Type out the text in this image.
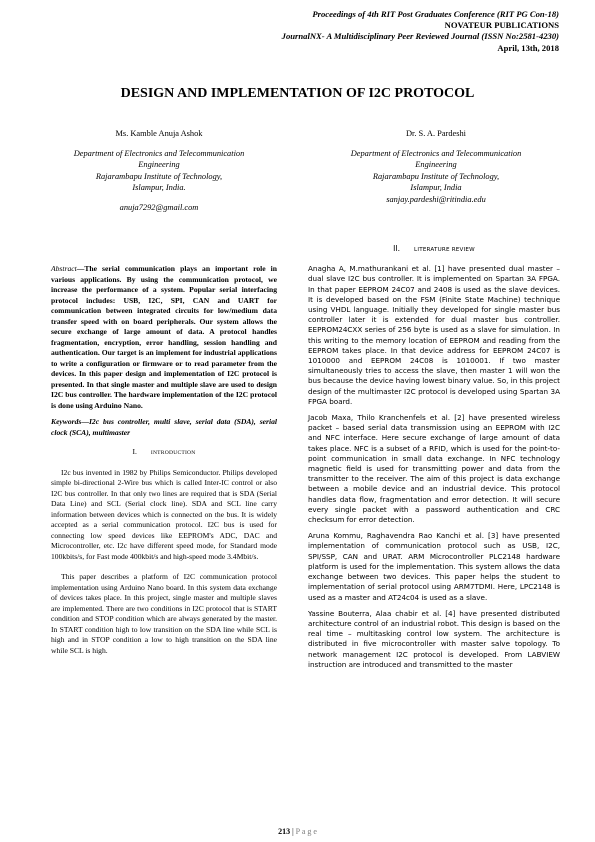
Proceedings of 4th RIT Post Graduates Conference (RIT PG Con-18)
NOVATEUR PUBLICATIONS
JournalNX- A Multidisciplinary Peer Reviewed Journal (ISSN No:2581-4230)
April, 13th, 2018
DESIGN AND IMPLEMENTATION OF I2C PROTOCOL
Ms. Kamble Anuja Ashok
Department of Electronics and Telecommunication
Engineering
Rajarambapu Institute of Technology,
Islampur, India.
anuja7292@gmail.com
Dr. S. A. Pardeshi
Department of Electronics and Telecommunication
Engineering
Rajarambapu Institute of Technology,
Islampur, India
sanjay.pardeshi@ritindia.edu

Abstract—The serial communication plays an important role in various applications. By using the communication protocol, we increase the performance of a system. Popular serial interfacing protocol includes: USB, I2C, SPI, CAN and UART for communication between integrated circuits for low/medium data transfer speed with on board peripherals. Our system allows the secure exchange of large amount of data. A protocol handles fragmentation, encryption, error handling, session handling and authentication. Our target is an implement for industrial applications to write a configuration or firmware or to read parameter from the devices. In this paper design and implementation of I2C protocol is presented. In that single master and multiple slave are used to design I2C bus controller. The hardware implementation of the I2C protocol is done using Arduino Nano.

Keywords—I2c bus controller, multi slave, serial data (SDA), serial clock (SCA), multimaster

I.	INTRODUCTION

I2c bus invented in 1982 by Philips Semiconductor. Philips developed simple bi-directional 2-Wire bus which is called Inter-IC control or also I2C bus controller. In that only two lines are required that is SDA (Serial Data Line) and SCL (Serial clock line). SDA and SCL line carry information between devices which is connected on the bus. It is widely accepted as a serial communication protocol. I2C bus is used for connecting low speed devices like EEPROM's ADC, DAC and Microcontroller, etc. I2c have different speed mode, for Standard mode 100kbits/s, for Fast mode 400kbit/s and high-speed mode 3.4Mbit/s.

This paper describes a platform of I2C communication protocol implementation using Arduino Nano board. In this system data exchange of devices takes place. In this project, single master and multiple slaves are implemented. There are two conditions in I2C protocol that is START condition and STOP condition which are always generated by the master. In START condition high to low transition on the SDA line while SCL is high and in STOP condition a low to high transition on the SDA line while SCL is high.

II.	LITERATURE REVIEW

Anagha A, M.mathurankani et al. [1] have presented dual master – dual slave I2C bus controller. It is implemented on Spartan 3A FPGA. In that paper EEPROM 24C07 and 2408 is used as the slave devices. It is developed based on the FSM (Finite State Machine) technique using VHDL language. Initially they developed for single master bus controller later it is extended for dual master bus controller. EEPROM24CXX series of 256 byte is used as a slave for simulation. In this writing to the memory location of EEPROM and reading from the EEPROM takes place. In that device address for EEPROM 24C07 is 1010000 and EEPROM 24C08 is 1010001. If two master simultaneously tries to access the slave, then master 1 will won the bus because the device having lowest binary value. So, in this project design of the multimaster I2C protocol is developed using Spartan 3A FPGA board.

Jacob Maxa, Thilo Kranchenfels et al. [2] have presented wireless packet – based serial data transmission using an EEPROM with I2C and NFC interface. Here secure exchange of large amount of data takes place. NFC is a subset of a RFID, which is used for the point-to-point communication in small data exchange. In NFC technology magnetic field is used for transmitting power and data from the transmitter to the receiver. The aim of this project is data exchange between a mobile device and an industrial device. This protocol handles data flow, fragmentation and error detection. It will secure every single packet with a password authentication and CRC checksum for error detection.

Aruna Kommu, Raghavendra Rao Kanchi et al. [3] have presented implementation of communication protocol such as USB, I2C, SPI/SSP, CAN and URAT. ARM Microcontroller PLC2148 hardware platform is used for the implementation. This system allows the data exchange between two devices. This paper helps the student to implementation of serial protocol using ARM7TDMI. Here, LPC2148 is used as a master and AT24c04 is used as a slave.

Yassine Bouterra, Alaa chabir et al. [4] have presented distributed architecture control of an industrial robot. This design is based on the real time – multitasking control low system. The architecture is distributed in five microcontroller with master salve topology. To network management I2C protocol is developed. From LABVIEW instruction are introduced and transmitted to the master

213 | P a g e
